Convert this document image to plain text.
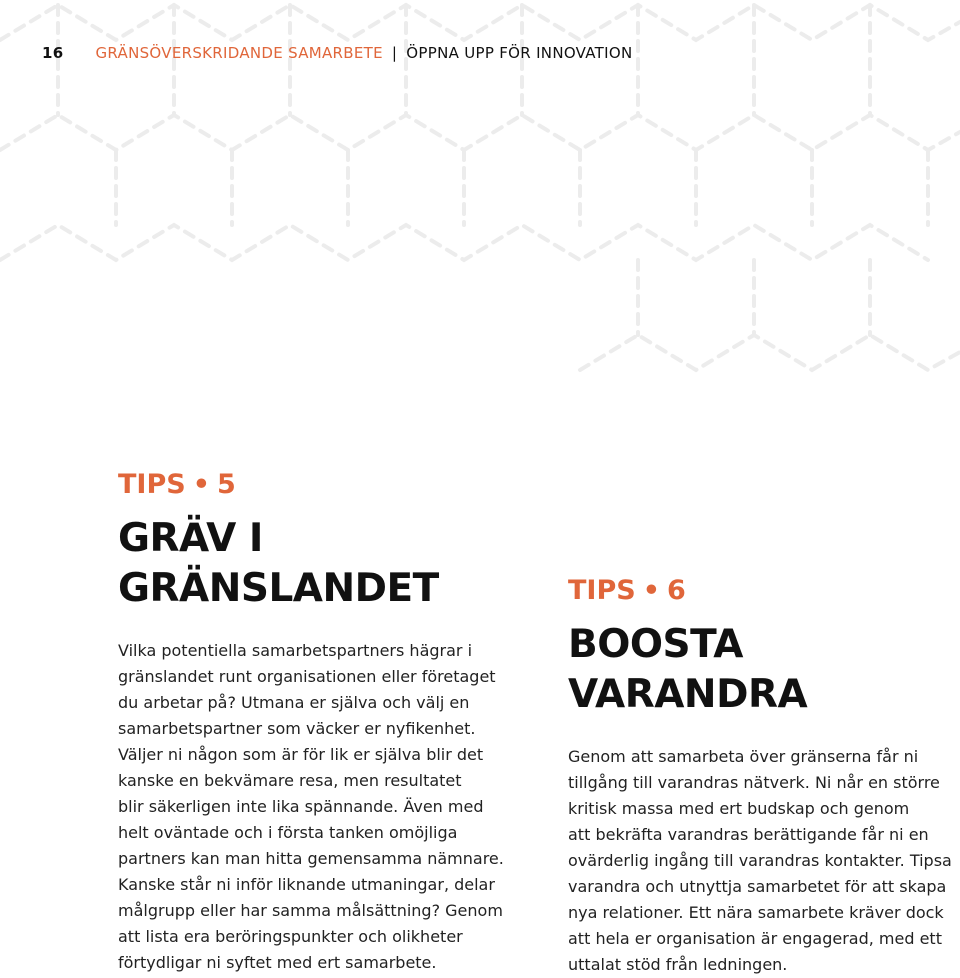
16 GRÄNSÖVERSKRIDANDE SAMARBETE | ÖPPNA UPP FÖR INNOVATION
TIPS • 5
GRÄV I
GRÄNSLANDET

Vilka potentiella samarbetspartners hägrar i
gränslandet runt organisationen eller företaget
du arbetar på? Utmana er själva och välj en
samarbetspartner som väcker er nyfikenhet.
Väljer ni någon som är för lik er själva blir det
kanske en bekvämare resa, men resultatet
blir säkerligen inte lika spännande. Även med
helt oväntade och i första tanken omöjliga
partners kan man hitta gemensamma nämnare.
Kanske står ni inför liknande utmaningar, delar
målgrupp eller har samma målsättning? Genom
att lista era beröringspunkter och olikheter
förtydligar ni syftet med ert samarbete.

TIPS • 6
BOOSTA
VARANDRA

Genom att samarbeta över gränserna får ni
tillgång till varandras nätverk. Ni når en större
kritisk massa med ert budskap och genom
att bekräfta varandras berättigande får ni en
ovärderlig ingång till varandras kontakter. Tipsa
varandra och utnyttja samarbetet för att skapa
nya relationer. Ett nära samarbete kräver dock
att hela er organisation är engagerad, med ett
uttalat stöd från ledningen.
